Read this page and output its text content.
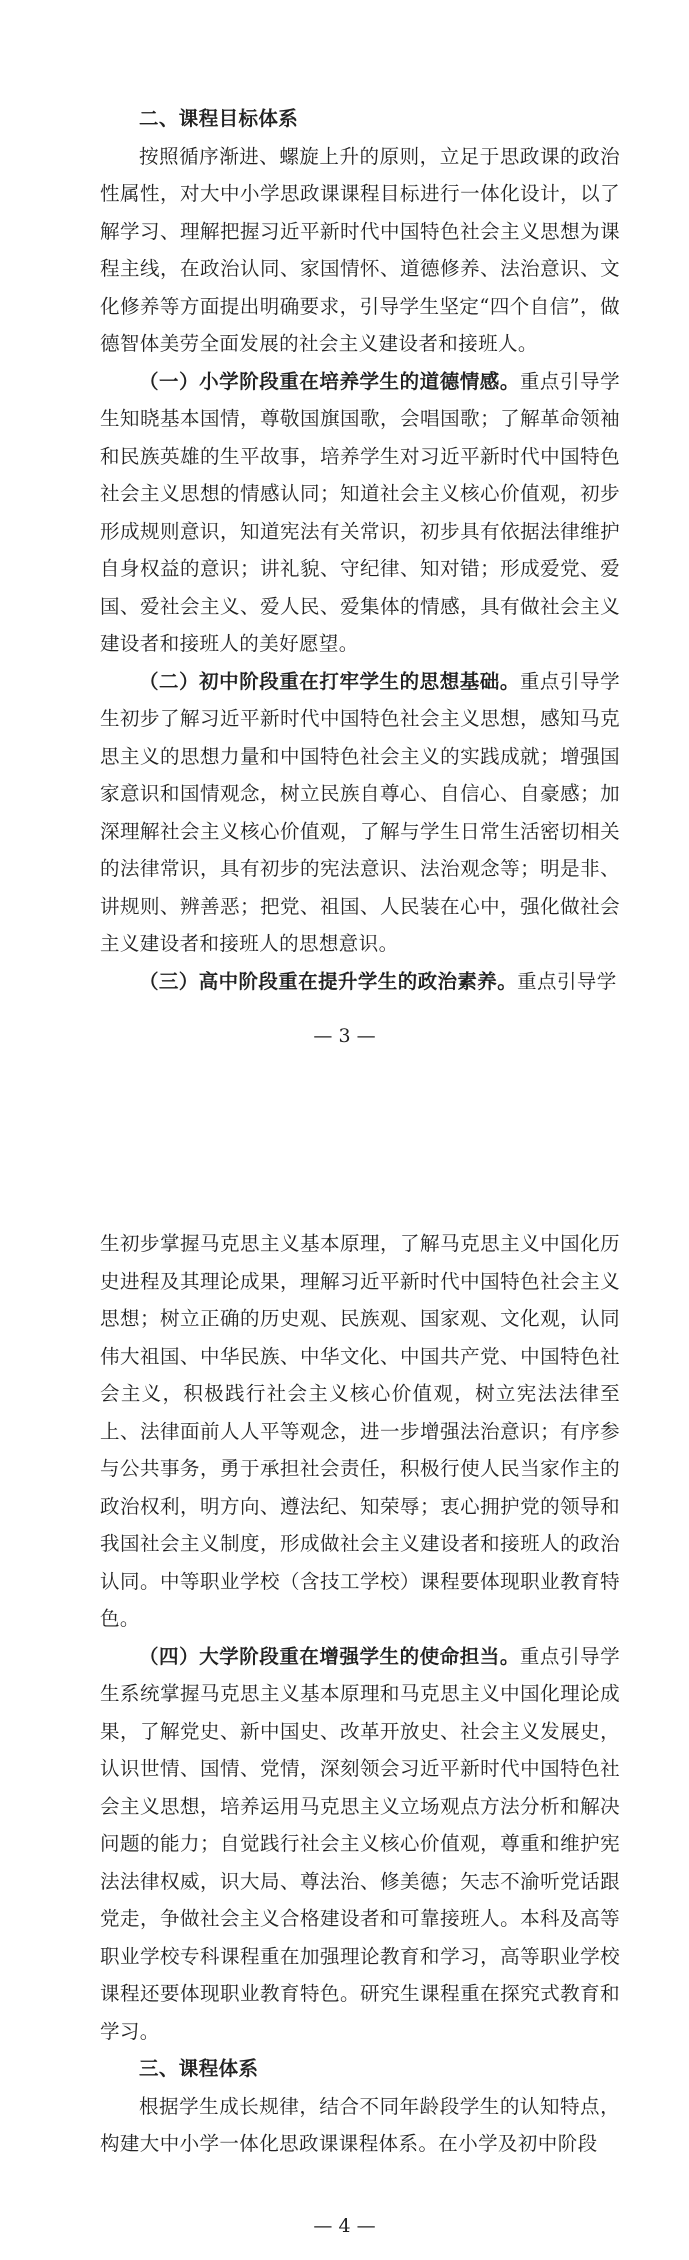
二、课程目标体系

按照循序渐进、螺旋上升的原则，立足于思政课的政治性属性，对大中小学思政课课程目标进行一体化设计，以了解学习、理解把握习近平新时代中国特色社会主义思想为课程主线，在政治认同、家国情怀、道德修养、法治意识、文化修养等方面提出明确要求，引导学生坚定“四个自信”，做德智体美劳全面发展的社会主义建设者和接班人。

（一）小学阶段重在培养学生的道德情感。重点引导学生知晓基本国情，尊敬国旗国歌，会唱国歌；了解革命领袖和民族英雄的生平故事，培养学生对习近平新时代中国特色社会主义思想的情感认同；知道社会主义核心价值观，初步形成规则意识，知道宪法有关常识，初步具有依据法律维护自身权益的意识；讲礼貌、守纪律、知对错；形成爱党、爱国、爱社会主义、爱人民、爱集体的情感，具有做社会主义建设者和接班人的美好愿望。

（二）初中阶段重在打牢学生的思想基础。重点引导学生初步了解习近平新时代中国特色社会主义思想，感知马克思主义的思想力量和中国特色社会主义的实践成就；增强国家意识和国情观念，树立民族自尊心、自信心、自豪感；加深理解社会主义核心价值观，了解与学生日常生活密切相关的法律常识，具有初步的宪法意识、法治观念等；明是非、讲规则、辨善恶；把党、祖国、人民装在心中，强化做社会主义建设者和接班人的思想意识。

（三）高中阶段重在提升学生的政治素养。重点引导学

— 3 —

生初步掌握马克思主义基本原理，了解马克思主义中国化历史进程及其理论成果，理解习近平新时代中国特色社会主义思想；树立正确的历史观、民族观、国家观、文化观，认同伟大祖国、中华民族、中华文化、中国共产党、中国特色社会主义，积极践行社会主义核心价值观，树立宪法法律至上、法律面前人人平等观念，进一步增强法治意识；有序参与公共事务，勇于承担社会责任，积极行使人民当家作主的政治权利，明方向、遵法纪、知荣辱；衷心拥护党的领导和我国社会主义制度，形成做社会主义建设者和接班人的政治认同。中等职业学校（含技工学校）课程要体现职业教育特色。

（四）大学阶段重在增强学生的使命担当。重点引导学生系统掌握马克思主义基本原理和马克思主义中国化理论成果，了解党史、新中国史、改革开放史、社会主义发展史，认识世情、国情、党情，深刻领会习近平新时代中国特色社会主义思想，培养运用马克思主义立场观点方法分析和解决问题的能力；自觉践行社会主义核心价值观，尊重和维护宪法法律权威，识大局、尊法治、修美德；矢志不渝听党话跟党走，争做社会主义合格建设者和可靠接班人。本科及高等职业学校专科课程重在加强理论教育和学习，高等职业学校课程还要体现职业教育特色。研究生课程重在探究式教育和学习。

三、课程体系

根据学生成长规律，结合不同年龄段学生的认知特点，构建大中小学一体化思政课课程体系。在小学及初中阶段

— 4 —
